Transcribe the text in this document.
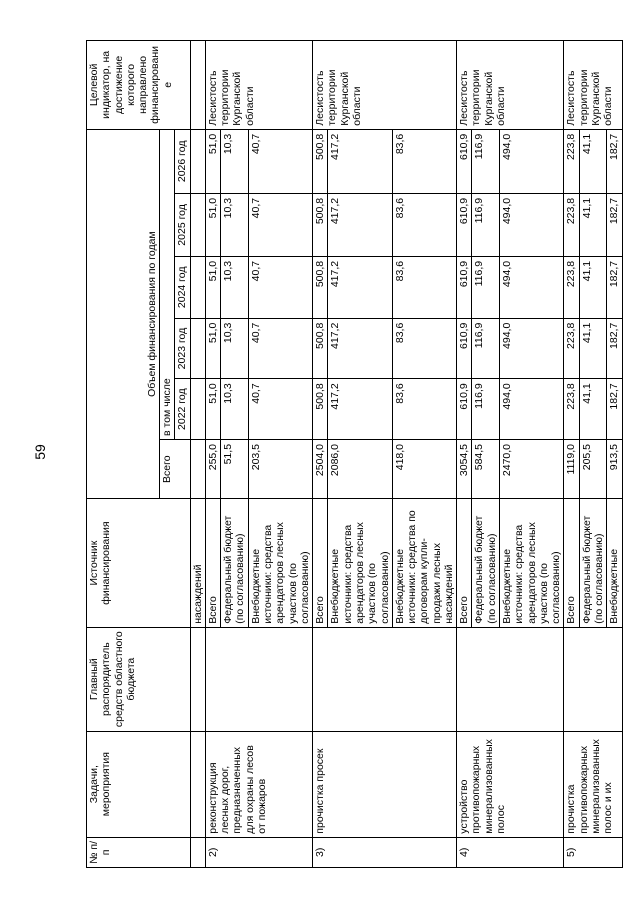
59
№ п/п	Задачи, мероприятия	Главный распорядитель средств областного бюджета	Источник финансирования	Объем финансирования по годам						Целевой индикатор, на достижение которого направлено финансирование
				Всего	в том числе					
					2022 год	2023 год	2024 год	2025 год	2026 год	
			насаждений							
2)	реконструкция лесных дорог, предназначенных для охраны лесов от пожаров		Всего	255,0	51,0	51,0	51,0	51,0	51,0	Лесистость территории Курганской области
			Федеральный бюджет (по согласованию)	51,5	10,3	10,3	10,3	10,3	10,3	
			Внебюджетные источники: средства арендаторов лесных участков (по согласованию)	203,5	40,7	40,7	40,7	40,7	40,7	
3)	прочистка просек		Всего	2504,0	500,8	500,8	500,8	500,8	500,8	Лесистость территории Курганской области
			Внебюджетные источники: средства арендаторов лесных участков (по согласованию)	2086,0	417,2	417,2	417,2	417,2	417,2	
			Внебюджетные источники: средства по договорам купли-продажи лесных насаждений	418,0	83,6	83,6	83,6	83,6	83,6	
4)	устройство противопожарных минерализованных полос		Всего	3054,5	610,9	610,9	610,9	610,9	610,9	Лесистость территории Курганской области
			Федеральный бюджет (по согласованию)	584,5	116,9	116,9	116,9	116,9	116,9	
			Внебюджетные источники: средства арендаторов лесных участков (по согласованию)	2470,0	494,0	494,0	494,0	494,0	494,0	
5)	прочистка противопожарных минерализованных полос и их		Всего	1119,0	223,8	223,8	223,8	223,8	223,8	Лесистость территории Курганской области
			Федеральный бюджет (по согласованию)	205,5	41,1	41,1	41,1	41,1	41,1	
			Внебюджетные	913,5	182,7	182,7	182,7	182,7	182,7	
